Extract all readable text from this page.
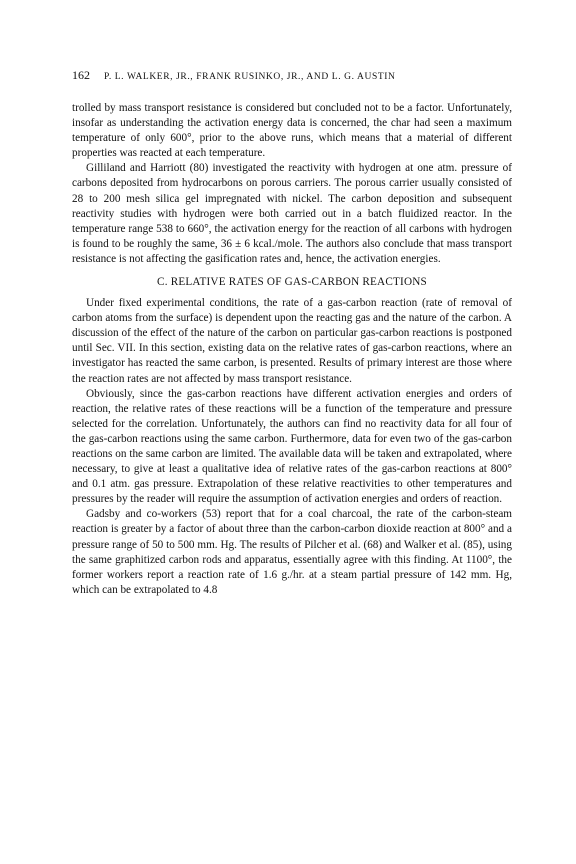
162 P. L. WALKER, JR., FRANK RUSINKO, JR., AND L. G. AUSTIN

trolled by mass transport resistance is considered but concluded not to be a factor. Unfortunately, insofar as understanding the activation energy data is concerned, the char had seen a maximum temperature of only 600°, prior to the above runs, which means that a material of different properties was reacted at each temperature.

Gilliland and Harriott (80) investigated the reactivity with hydrogen at one atm. pressure of carbons deposited from hydrocarbons on porous carriers. The porous carrier usually consisted of 28 to 200 mesh silica gel impregnated with nickel. The carbon deposition and subsequent reactivity studies with hydrogen were both carried out in a batch fluidized reactor. In the temperature range 538 to 660°, the activation energy for the reaction of all carbons with hydrogen is found to be roughly the same, 36 ± 6 kcal./mole. The authors also conclude that mass transport resistance is not affecting the gasification rates and, hence, the activation energies.

C. RELATIVE RATES OF GAS-CARBON REACTIONS

Under fixed experimental conditions, the rate of a gas-carbon reaction (rate of removal of carbon atoms from the surface) is dependent upon the reacting gas and the nature of the carbon. A discussion of the effect of the nature of the carbon on particular gas-carbon reactions is postponed until Sec. VII. In this section, existing data on the relative rates of gas-carbon reactions, where an investigator has reacted the same carbon, is presented. Results of primary interest are those where the reaction rates are not affected by mass transport resistance.

Obviously, since the gas-carbon reactions have different activation energies and orders of reaction, the relative rates of these reactions will be a function of the temperature and pressure selected for the correlation. Unfortunately, the authors can find no reactivity data for all four of the gas-carbon reactions using the same carbon. Furthermore, data for even two of the gas-carbon reactions on the same carbon are limited. The available data will be taken and extrapolated, where necessary, to give at least a qualitative idea of relative rates of the gas-carbon reactions at 800° and 0.1 atm. gas pressure. Extrapolation of these relative reactivities to other temperatures and pressures by the reader will require the assumption of activation energies and orders of reaction.

Gadsby and co-workers (53) report that for a coal charcoal, the rate of the carbon-steam reaction is greater by a factor of about three than the carbon-carbon dioxide reaction at 800° and a pressure range of 50 to 500 mm. Hg. The results of Pilcher et al. (68) and Walker et al. (85), using the same graphitized carbon rods and apparatus, essentially agree with this finding. At 1100°, the former workers report a reaction rate of 1.6 g./hr. at a steam partial pressure of 142 mm. Hg, which can be extrapolated to 4.8
